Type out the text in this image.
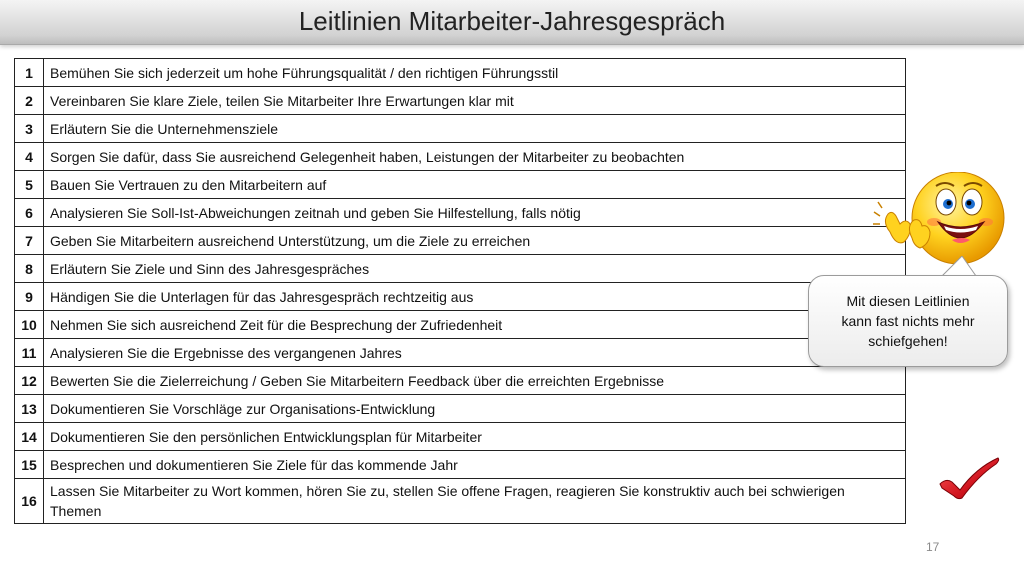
Leitlinien Mitarbeiter-Jahresgespräch
1	Bemühen Sie sich jederzeit um hohe Führungsqualität / den richtigen Führungsstil
2	Vereinbaren Sie klare Ziele, teilen Sie Mitarbeiter Ihre Erwartungen klar mit
3	Erläutern Sie die Unternehmensziele
4	Sorgen Sie dafür, dass Sie ausreichend Gelegenheit haben, Leistungen der Mitarbeiter zu beobachten
5	Bauen Sie Vertrauen zu den Mitarbeitern auf
6	Analysieren Sie Soll-Ist-Abweichungen zeitnah und geben Sie Hilfestellung, falls nötig
7	Geben Sie Mitarbeitern ausreichend Unterstützung, um die Ziele zu erreichen
8	Erläutern Sie Ziele und Sinn des Jahresgespräches
9	Händigen Sie die Unterlagen für das Jahresgespräch rechtzeitig aus
10	Nehmen Sie sich ausreichend Zeit für die Besprechung der Zufriedenheit
11	Analysieren Sie die Ergebnisse des vergangenen Jahres
12	Bewerten Sie die Zielerreichung / Geben Sie Mitarbeitern Feedback über die erreichten Ergebnisse
13	Dokumentieren Sie Vorschläge zur Organisations-Entwicklung
14	Dokumentieren Sie den persönlichen Entwicklungsplan für Mitarbeiter
15	Besprechen und dokumentieren Sie Ziele für das kommende Jahr
16	Lassen Sie Mitarbeiter zu Wort kommen, hören Sie zu, stellen Sie offene Fragen, reagieren Sie konstruktiv auch bei schwierigen Themen
Mit diesen Leitlinien
kann fast nichts mehr
schiefgehen!
17
